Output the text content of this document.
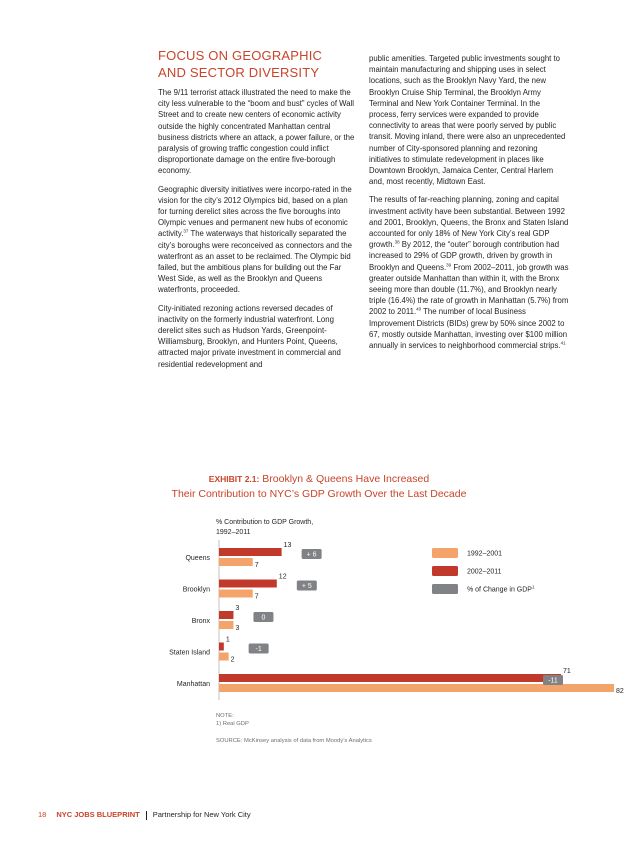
FOCUS ON GEOGRAPHIC
AND SECTOR DIVERSITY

The 9/11 terrorist attack illustrated the need to make the city less vulnerable to the “boom and bust” cycles of Wall Street and to create new centers of economic activity outside the highly concentrated Manhattan central business districts where an attack, a power failure, or the paralysis of growing traffic congestion could inflict disproportionate damage on the entire five-borough economy.

Geographic diversity initiatives were incorpo-rated in the vision for the city’s 2012 Olympics bid, based on a plan for turning derelict sites across the five boroughs into Olympic venues and permanent new hubs of economic activity.$^{37}$ The waterways that historically separated the city’s boroughs were reconceived as connectors and the waterfront as an asset to be reclaimed. The Olympic bid failed, but the ambitious plans for building out the Far West Side, as well as the Brooklyn and Queens waterfronts, proceeded.

City-initiated rezoning actions reversed decades of inactivity on the formerly industrial waterfront. Long derelict sites such as Hudson Yards, Greenpoint-Williamsburg, Brooklyn, and Hunters Point, Queens, attracted major private investment in commercial and residential redevelopment and

public amenities. Targeted public investments sought to maintain manufacturing and shipping uses in select locations, such as the Brooklyn Navy Yard, the new Brooklyn Cruise Ship Terminal, the Brooklyn Army Terminal and New York Container Terminal. In the process, ferry services were expanded to provide connectivity to areas that were poorly served by public transit. Moving inland, there were also an unprecedented number of City-sponsored planning and rezoning initiatives to stimulate redevelopment in places like Downtown Brooklyn, Jamaica Center, Central Harlem and, most recently, Midtown East.

The results of far-reaching planning, zoning and capital investment activity have been substantial. Between 1992 and 2001, Brooklyn, Queens, the Bronx and Staten Island accounted for only 18% of New York City’s real GDP growth.$^{38}$ By 2012, the “outer” borough contribution had increased to 29% of GDP growth, driven by growth in Brooklyn and Queens.$^{39}$ From 2002–2011, job growth was greater outside Manhattan than within it, with the Bronx seeing more than double (11.7%), and Brooklyn nearly triple (16.4%) the rate of growth in Manhattan (5.7%) from 2002 to 2011.40 The number of local Business Improvement Districts (BIDs) grew by 50% since 2002 to 67, mostly outside Manhattan, investing over $100 million annually in services to neighborhood commercial strips.$^{41}$

EXHIBIT 2.1: Brooklyn & Queens Have Increased
Their Contribution to NYC’s GDP Growth Over the Last Decade
% Contribution to GDP Growth,
1992–2011
Queens
13
7
+ 6
Brooklyn
12
7
+ 5
Bronx
3
3
0
Staten Island
1
2
-1
Manhattan
71
82
-11
1992–2001
2002–2011
% of Change in GDP$^1$
NOTE:
1) Real GDP
SOURCE: McKinsey analysis of data from Moody’s Analytics
18 NYC JOBS BLUEPRINT Partnership for New York City
